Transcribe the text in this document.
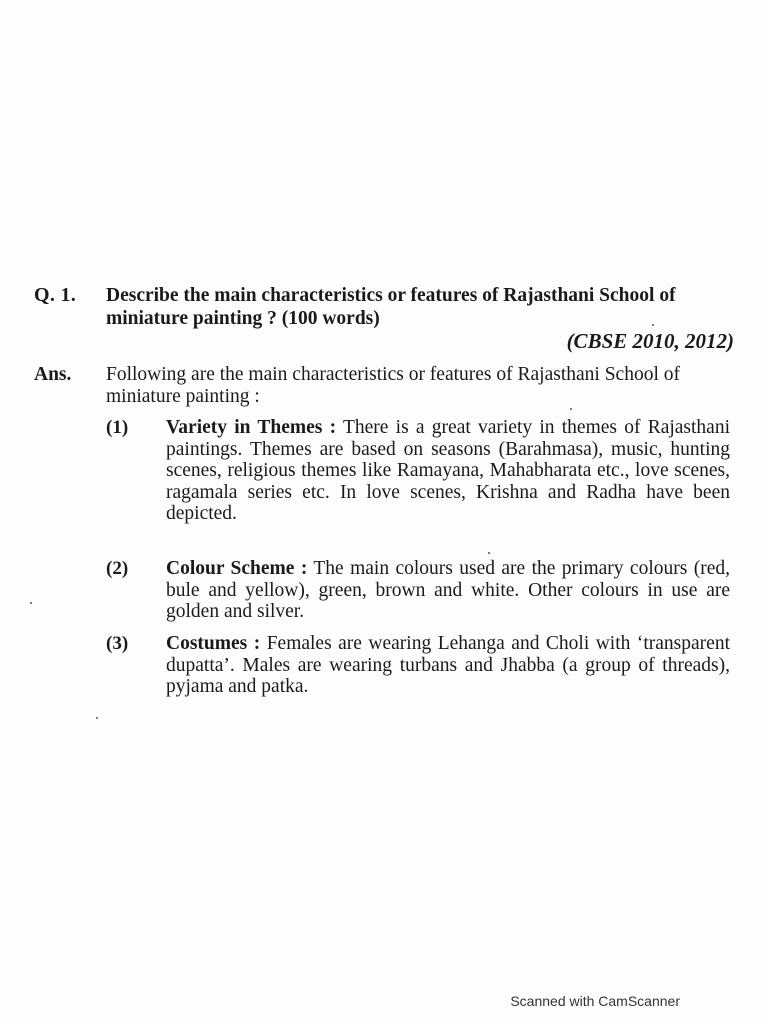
Q. 1. Describe the main characteristics or features of Rajasthani School of miniature painting ? (100 words)
(CBSE 2010, 2012)
Ans. Following are the main characteristics or features of Rajasthani School of miniature painting :
(1) Variety in Themes : There is a great variety in themes of Rajasthani paintings. Themes are based on seasons (Barahmasa), music, hunting scenes, religious themes like Ramayana, Mahabharata etc., love scenes, ragamala series etc. In love scenes, Krishna and Radha have been depicted.
(2) Colour Scheme : The main colours used are the primary colours (red, bule and yellow), green, brown and white. Other colours in use are golden and silver.
(3) Costumes : Females are wearing Lehanga and Choli with ‘transparent dupatta’. Males are wearing turbans and Jhabba (a group of threads), pyjama and patka.
Scanned with CamScanner
